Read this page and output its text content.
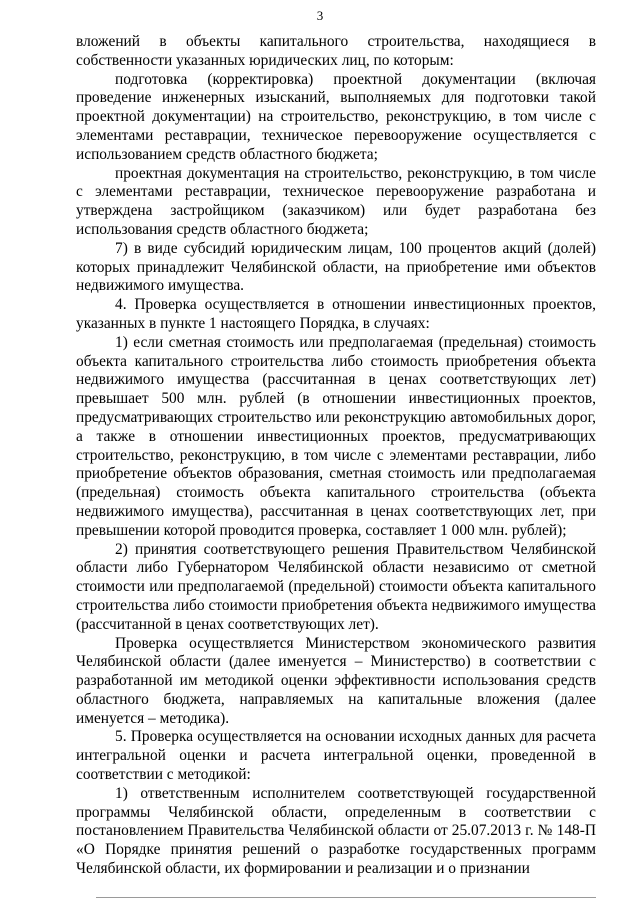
3

вложений в объекты капитального строительства, находящиеся в собственности указанных юридических лиц, по которым:

подготовка (корректировка) проектной документации (включая проведение инженерных изысканий, выполняемых для подготовки такой проектной документации) на строительство, реконструкцию, в том числе с элементами реставрации, техническое перевооружение осуществляется с использованием средств областного бюджета;

проектная документация на строительство, реконструкцию, в том числе с элементами реставрации, техническое перевооружение разработана и утверждена застройщиком (заказчиком) или будет разработана без использования средств областного бюджета;

7) в виде субсидий юридическим лицам, 100 процентов акций (долей) которых принадлежит Челябинской области, на приобретение ими объектов недвижимого имущества.

4. Проверка осуществляется в отношении инвестиционных проектов, указанных в пункте 1 настоящего Порядка, в случаях:

1) если сметная стоимость или предполагаемая (предельная) стоимость объекта капитального строительства либо стоимость приобретения объекта недвижимого имущества (рассчитанная в ценах соответствующих лет) превышает 500 млн. рублей (в отношении инвестиционных проектов, предусматривающих строительство или реконструкцию автомобильных дорог, а также в отношении инвестиционных проектов, предусматривающих строительство, реконструкцию, в том числе с элементами реставрации, либо приобретение объектов образования, сметная стоимость или предполагаемая (предельная) стоимость объекта капитального строительства (объекта недвижимого имущества), рассчитанная в ценах соответствующих лет, при превышении которой проводится проверка, составляет 1 000 млн. рублей);

2) принятия соответствующего решения Правительством Челябинской области либо Губернатором Челябинской области независимо от сметной стоимости или предполагаемой (предельной) стоимости объекта капитального строительства либо стоимости приобретения объекта недвижимого имущества (рассчитанной в ценах соответствующих лет).

Проверка осуществляется Министерством экономического развития Челябинской области (далее именуется – Министерство) в соответствии с разработанной им методикой оценки эффективности использования средств областного бюджета, направляемых на капитальные вложения (далее именуется – методика).

5. Проверка осуществляется на основании исходных данных для расчета интегральной оценки и расчета интегральной оценки, проведенной в соответствии с методикой:

1) ответственным исполнителем соответствующей государственной программы Челябинской области, определенным в соответствии с постановлением Правительства Челябинской области от 25.07.2013 г. № 148-П «О Порядке принятия решений о разработке государственных программ Челябинской области, их формировании и реализации и о признании
